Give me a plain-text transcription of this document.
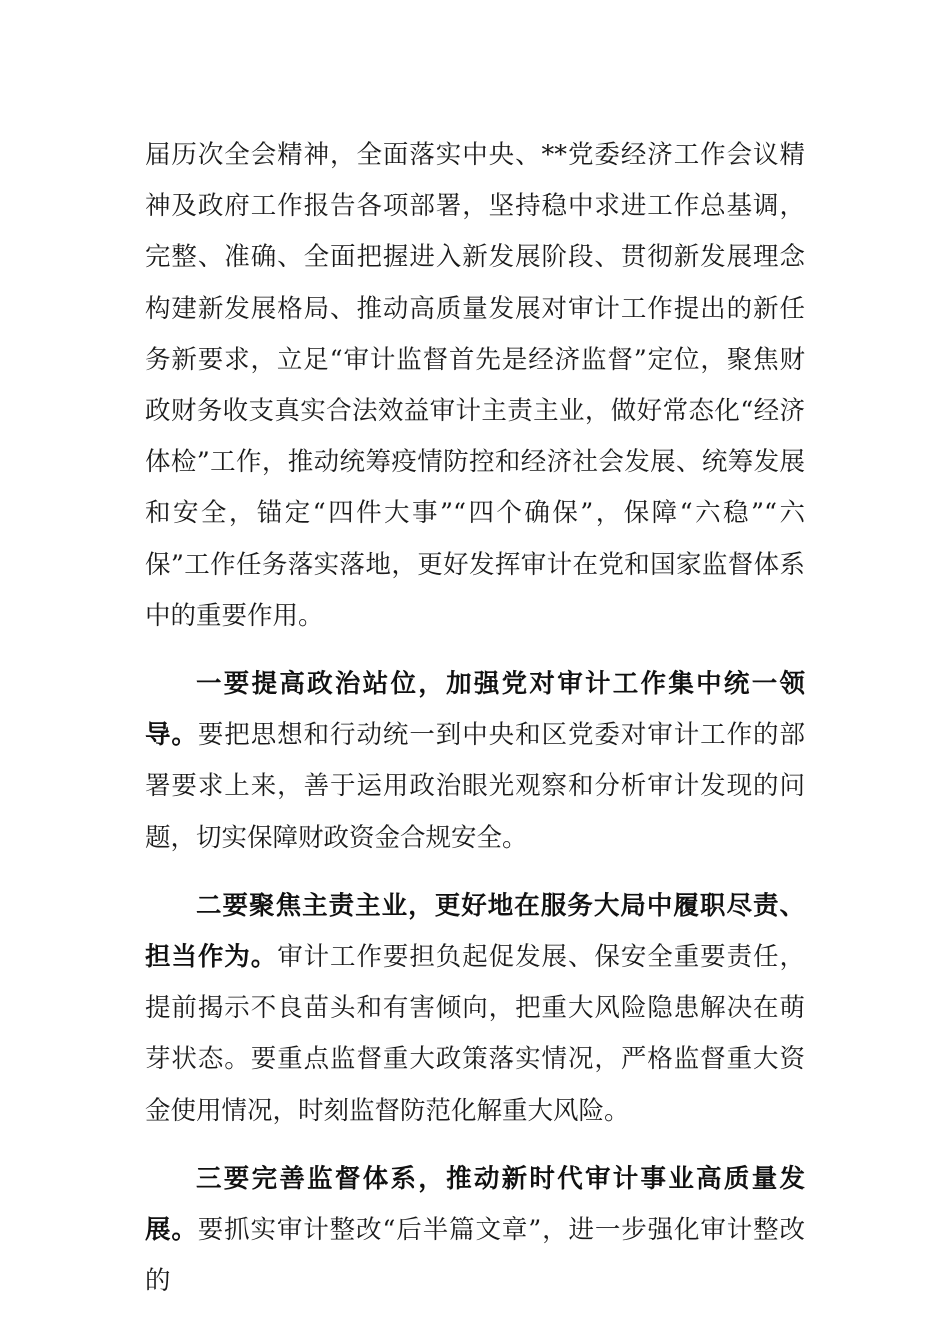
届历次全会精神，全面落实中央、**党委经济工作会议精神及政府工作报告各项部署，坚持稳中求进工作总基调，完整、准确、全面把握进入新发展阶段、贯彻新发展理念构建新发展格局、推动高质量发展对审计工作提出的新任务新要求，立足“审计监督首先是经济监督”定位，聚焦财政财务收支真实合法效益审计主责主业，做好常态化“经济体检”工作，推动统筹疫情防控和经济社会发展、统筹发展和安全，锚定“四件大事”“四个确保”，保障“六稳”“六保”工作任务落实落地，更好发挥审计在党和国家监督体系中的重要作用。

一要提高政治站位，加强党对审计工作集中统一领导。要把思想和行动统一到中央和区党委对审计工作的部署要求上来，善于运用政治眼光观察和分析审计发现的问题，切实保障财政资金合规安全。

二要聚焦主责主业，更好地在服务大局中履职尽责、担当作为。审计工作要担负起促发展、保安全重要责任，提前揭示不良苗头和有害倾向，把重大风险隐患解决在萌芽状态。要重点监督重大政策落实情况，严格监督重大资金使用情况，时刻监督防范化解重大风险。

三要完善监督体系，推动新时代审计事业高质量发展。要抓实审计整改“后半篇文章”，进一步强化审计整改的
